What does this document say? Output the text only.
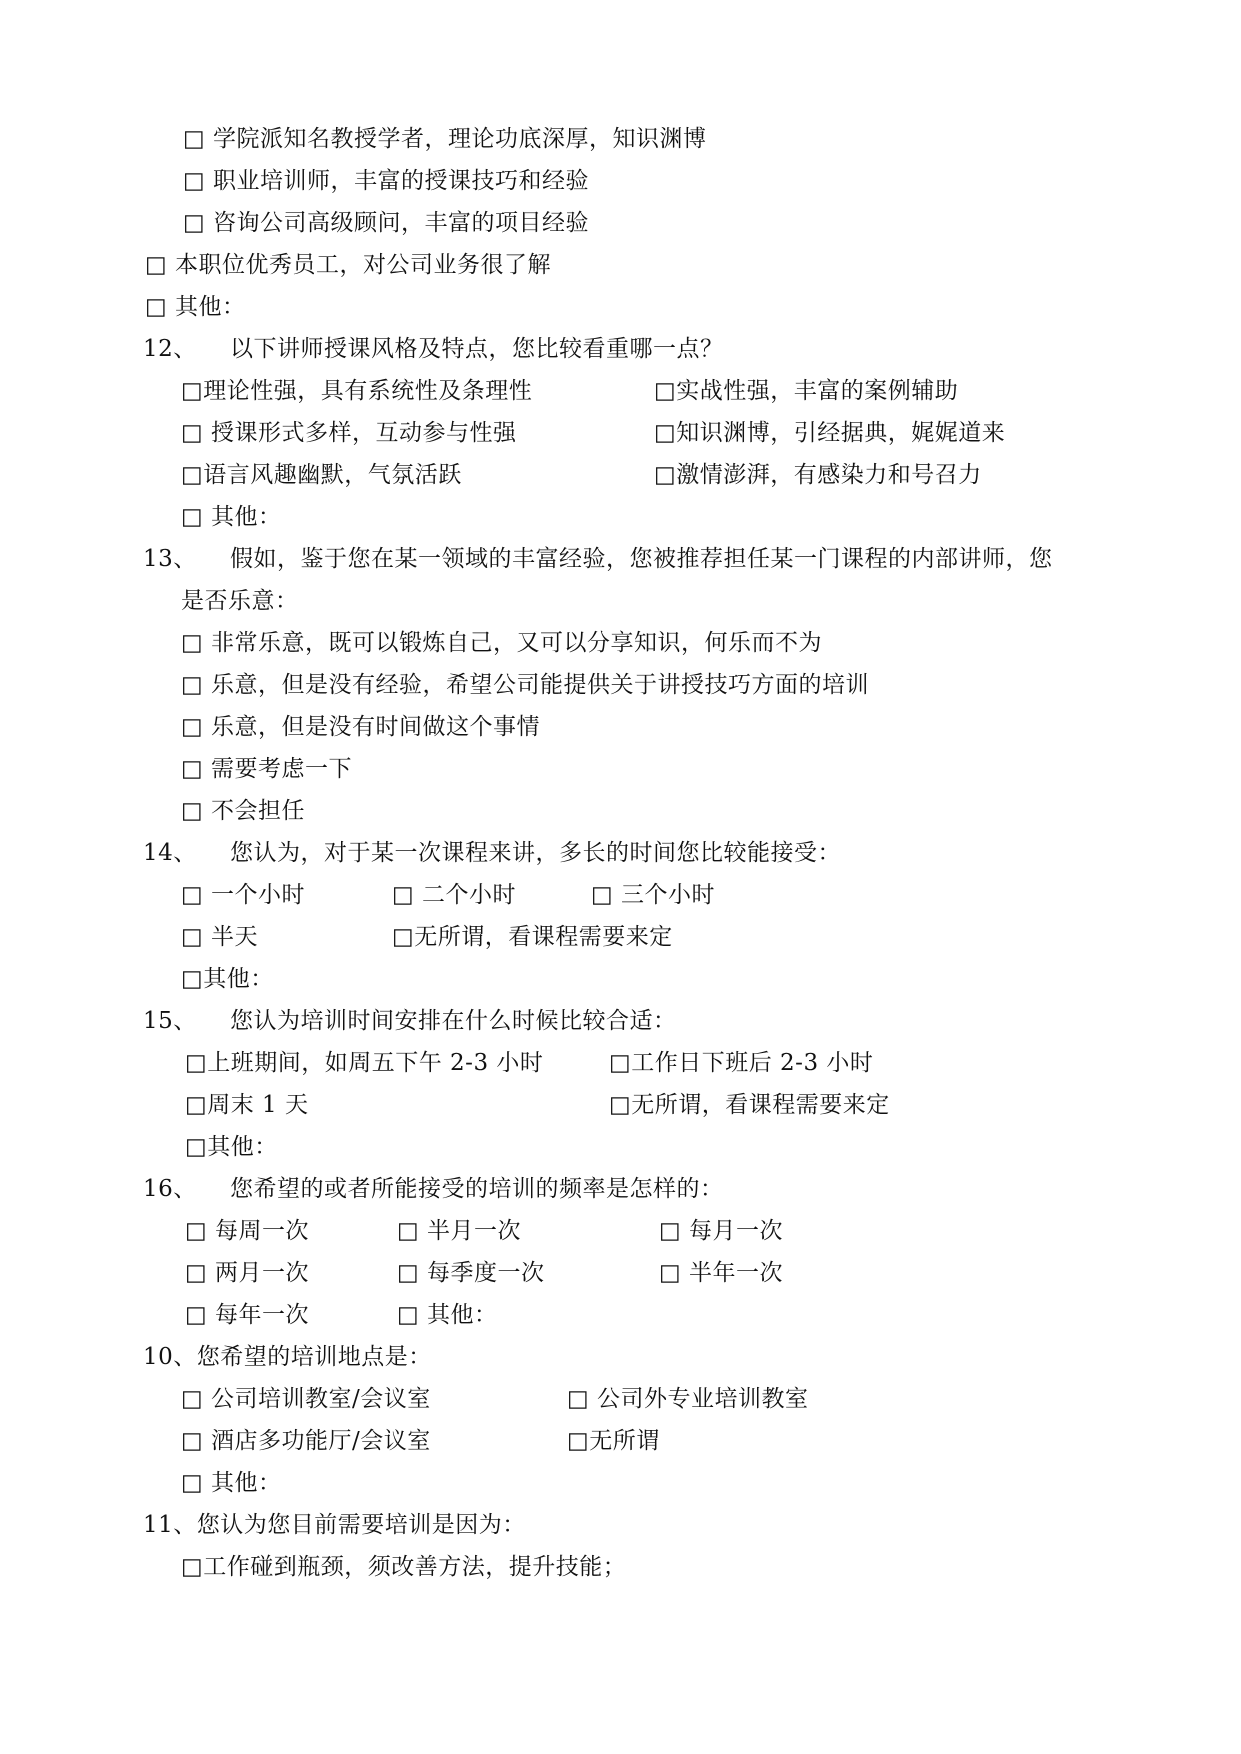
□ 学院派知名教授学者，理论功底深厚，知识渊博
□ 职业培训师，丰富的授课技巧和经验
□ 咨询公司高级顾问，丰富的项目经验
□ 本职位优秀员工，对公司业务很了解
□ 其他：
12、 以下讲师授课风格及特点，您比较看重哪一点？
□理论性强，具有系统性及条理性	□实战性强，丰富的案例辅助
□ 授课形式多样，互动参与性强	□知识渊博，引经据典，娓娓道来
□语言风趣幽默，气氛活跃	□激情澎湃，有感染力和号召力
□ 其他：
13、 假如，鉴于您在某一领域的丰富经验，您被推荐担任某一门课程的内部讲师，您
是否乐意：
□ 非常乐意，既可以锻炼自己，又可以分享知识，何乐而不为
□ 乐意，但是没有经验，希望公司能提供关于讲授技巧方面的培训
□ 乐意，但是没有时间做这个事情
□ 需要考虑一下
□ 不会担任
14、 您认为，对于某一次课程来讲，多长的时间您比较能接受：
□ 一个小时	□ 二个小时	□ 三个小时
□ 半天	□无所谓，看课程需要来定
□其他：
15、 您认为培训时间安排在什么时候比较合适：
□上班期间，如周五下午 2-3 小时	□工作日下班后 2-3 小时
□周末 1 天	□无所谓，看课程需要来定
□其他：
16、 您希望的或者所能接受的培训的频率是怎样的：
□ 每周一次	□ 半月一次	□ 每月一次
□ 两月一次	□ 每季度一次	□ 半年一次
□ 每年一次	□ 其他：
10、您希望的培训地点是：
□ 公司培训教室/会议室	□ 公司外专业培训教室
□ 酒店多功能厅/会议室	□无所谓
□ 其他：
11、您认为您目前需要培训是因为：
□工作碰到瓶颈，须改善方法，提升技能；
